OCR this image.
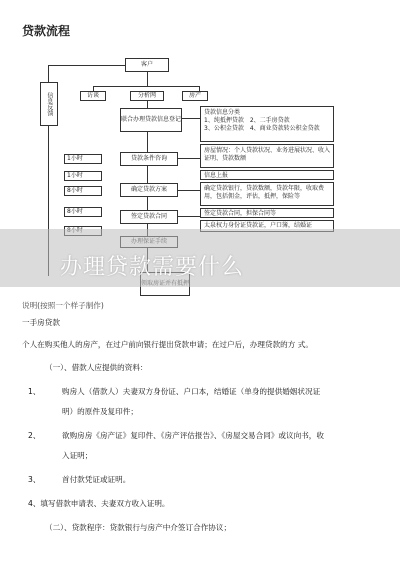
贷款流程
客户
信息反馈	访谈	分析网	房产
联合办理贷款信息登记
1小时
1小时
8小时
8小时
贷款条件咨询
确定贷款方案
签定贷款合同
贷款信息分类
1、纯抵押贷款 2、二手房贷款
3、公积金贷款 4、商业贷款转公积金贷款
房屋情况：个人贷款状况、业务进展状况、收入证明、贷款数额
信息上报
确定贷款银行，贷款数额，贷款年限，收取费用，包括佣金，评估，抵押，保险等
签定贷款合同，担保合同等
太泉权力身份证贷款证，户口簿，结婚证
办理贷款需要什么
说明(按照一个样子制作)
一手房贷款
个人在购买他人的房产，在过户前向银行提出贷款申请；在过户后，办理贷款的方 式。
（一）、借款人应提供的资料：
1、	购房人（借款人）夫妻双方身份证、户口本，结婚证（单身的提供婚姻状况证
明）的原件及复印件；
2、	欲购房房《房产证》复印件、《房产评估报告》、《房屋交易合同》或议向书，收
入证明；
3、	首付款凭证或证明。
4、填写借款申请表、夫妻双方收入证明。
（二）、贷款程序：贷款银行与房产中介签订合作协议；
